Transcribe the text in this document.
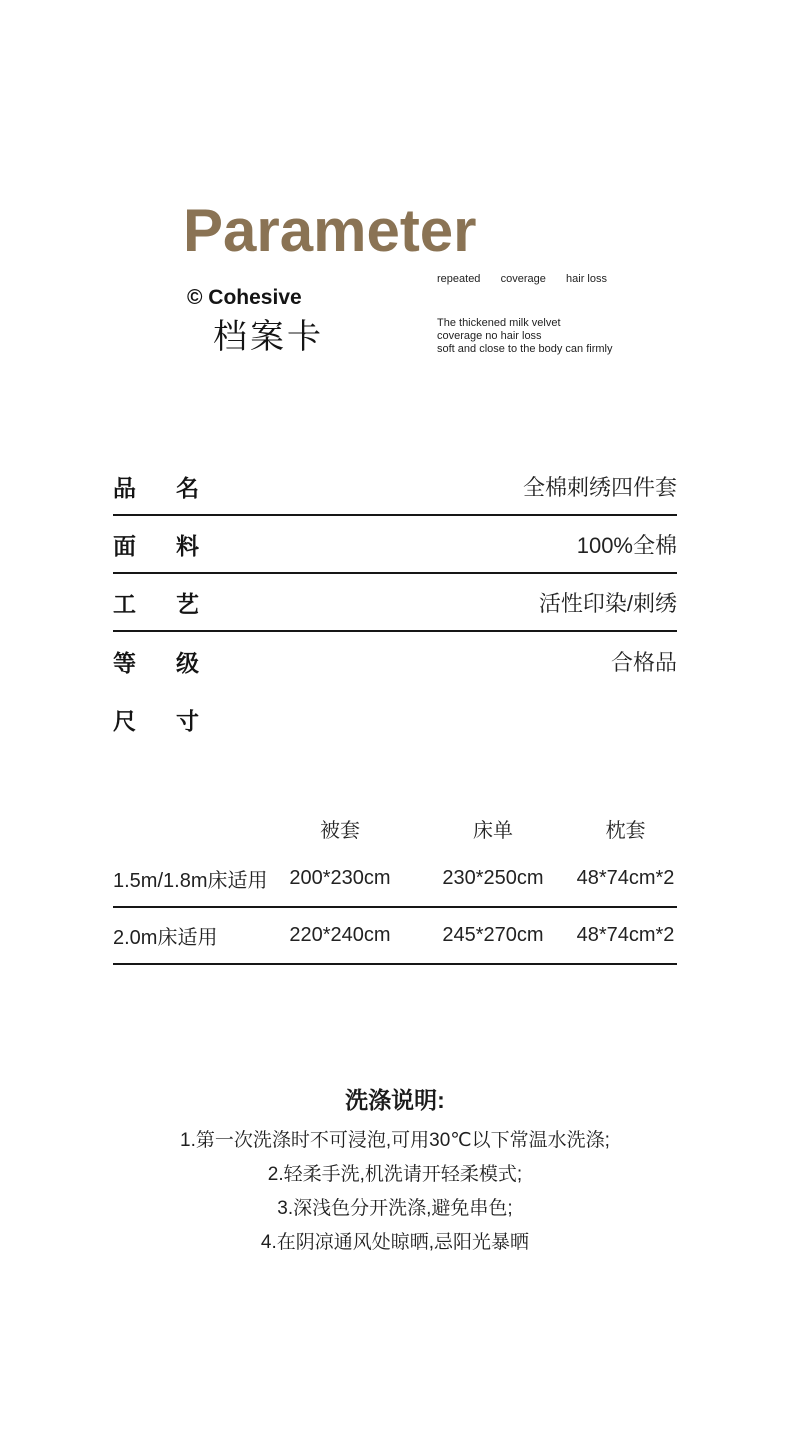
Parameter
repeated coverage hair loss
© Cohesive
档案卡	The thickened milk velvet
coverage no hair loss
soft and close to the body can firmly
品 名	全棉刺绣四件套
面 料	100%全棉
工 艺	活性印染/刺绣
等 级	合格品
尺 寸
	被套	床单	枕套
1.5m/1.8m床适用	200*230cm	230*250cm	48*74cm*2
2.0m床适用	220*240cm	245*270cm	48*74cm*2
洗涤说明:
1.第一次洗涤时不可浸泡,可用30℃以下常温水洗涤;
2.轻柔手洗,机洗请开轻柔模式;
3.深浅色分开洗涤,避免串色;
4.在阴凉通风处晾晒,忌阳光暴晒
